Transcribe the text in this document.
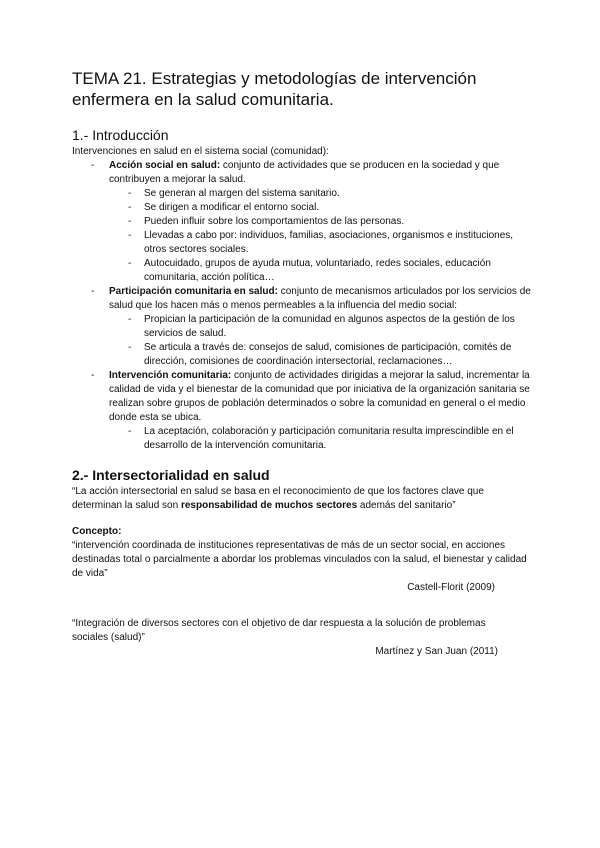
TEMA 21. Estrategias y metodologías de intervención enfermera en la salud comunitaria.
1.- Introducción

Intervenciones en salud en el sistema social (comunidad):

- Acción social en salud: conjunto de actividades que se producen en la sociedad y que contribuyen a mejorar la salud.
- Se generan al margen del sistema sanitario.
- Se dirigen a modificar el entorno social.
- Pueden influir sobre los comportamientos de las personas.
- Llevadas a cabo por: individuos, familias, asociaciones, organismos e instituciones, otros sectores sociales.
- Autocuidado, grupos de ayuda mutua, voluntariado, redes sociales, educación comunitaria, acción política…
- Participación comunitaria en salud: conjunto de mecanismos articulados por los servicios de salud que los hacen más o menos permeables a la influencia del medio social:
- Propician la participación de la comunidad en algunos aspectos de la gestión de los servicios de salud.
- Se articula a través de: consejos de salud, comisiones de participación, comités de dirección, comisiones de coordinación intersectorial, reclamaciones…
- Intervención comunitaria: conjunto de actividades dirigidas a mejorar la salud, incrementar la calidad de vida y el bienestar de la comunidad que por iniciativa de la organización sanitaria se realizan sobre grupos de población determinados o sobre la comunidad en general o el medio donde esta se ubica.
- La aceptación, colaboración y participación comunitaria resulta imprescindible en el desarrollo de la intervención comunitaria.
2.- Intersectorialidad en salud

“La acción intersectorial en salud se basa en el reconocimiento de que los factores clave que determinan la salud son responsabilidad de muchos sectores además del sanitario”

Concepto:

“intervención coordinada de instituciones representativas de más de un sector social, en acciones destinadas total o parcialmente a abordar los problemas vinculados con la salud, el bienestar y calidad de vida”

Castell-Florit (2009)

“Integración de diversos sectores con el objetivo de dar respuesta a la solución de problemas

sociales (salud)”

Martínez y San Juan (2011)
